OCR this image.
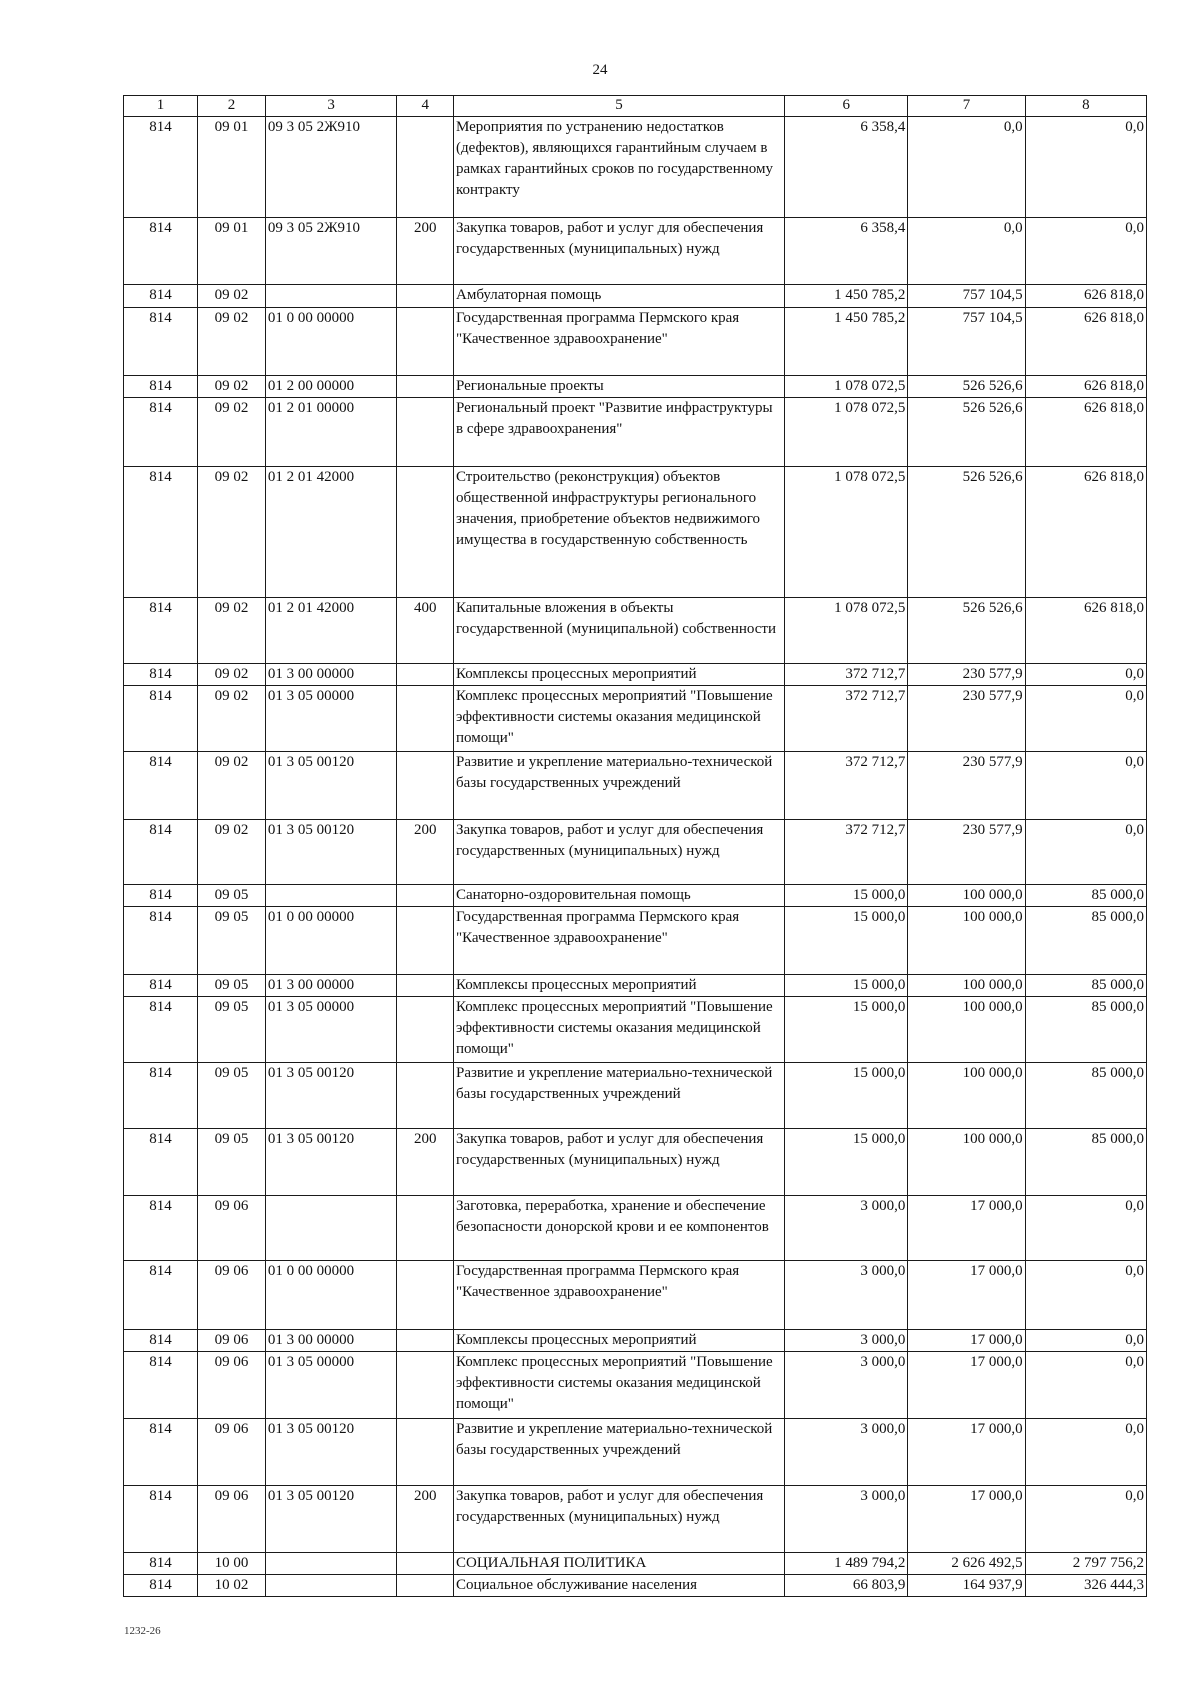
24
1	2	3	4	5	6	7	8
814	09 01	09 3 05 2Ж910		Мероприятия по устранению недостатков (дефектов), являющихся гарантийным случаем в рамках гарантийных сроков по государственному контракту	6 358,4	0,0	0,0
814	09 01	09 3 05 2Ж910	200	Закупка товаров, работ и услуг для обеспечения государственных (муниципальных) нужд	6 358,4	0,0	0,0
814	09 02			Амбулаторная помощь	1 450 785,2	757 104,5	626 818,0
814	09 02	01 0 00 00000		Государственная программа Пермского края "Качественное здравоохранение"	1 450 785,2	757 104,5	626 818,0
814	09 02	01 2 00 00000		Региональные проекты	1 078 072,5	526 526,6	626 818,0
814	09 02	01 2 01 00000		Региональный проект "Развитие инфраструктуры в сфере здравоохранения"	1 078 072,5	526 526,6	626 818,0
814	09 02	01 2 01 42000		Строительство (реконструкция) объектов общественной инфраструктуры регионального значения, приобретение объектов недвижимого имущества в государственную собственность	1 078 072,5	526 526,6	626 818,0
814	09 02	01 2 01 42000	400	Капитальные вложения в объекты государственной (муниципальной) собственности	1 078 072,5	526 526,6	626 818,0
814	09 02	01 3 00 00000		Комплексы процессных мероприятий	372 712,7	230 577,9	0,0
814	09 02	01 3 05 00000		Комплекс процессных мероприятий "Повышение эффективности системы оказания медицинской помощи"	372 712,7	230 577,9	0,0
814	09 02	01 3 05 00120		Развитие и укрепление материально-технической базы государственных учреждений	372 712,7	230 577,9	0,0
814	09 02	01 3 05 00120	200	Закупка товаров, работ и услуг для обеспечения государственных (муниципальных) нужд	372 712,7	230 577,9	0,0
814	09 05			Санаторно-оздоровительная помощь	15 000,0	100 000,0	85 000,0
814	09 05	01 0 00 00000		Государственная программа Пермского края "Качественное здравоохранение"	15 000,0	100 000,0	85 000,0
814	09 05	01 3 00 00000		Комплексы процессных мероприятий	15 000,0	100 000,0	85 000,0
814	09 05	01 3 05 00000		Комплекс процессных мероприятий "Повышение эффективности системы оказания медицинской помощи"	15 000,0	100 000,0	85 000,0
814	09 05	01 3 05 00120		Развитие и укрепление материально-технической базы государственных учреждений	15 000,0	100 000,0	85 000,0
814	09 05	01 3 05 00120	200	Закупка товаров, работ и услуг для обеспечения государственных (муниципальных) нужд	15 000,0	100 000,0	85 000,0
814	09 06			Заготовка, переработка, хранение и обеспечение безопасности донорской крови и ее компонентов	3 000,0	17 000,0	0,0
814	09 06	01 0 00 00000		Государственная программа Пермского края "Качественное здравоохранение"	3 000,0	17 000,0	0,0
814	09 06	01 3 00 00000		Комплексы процессных мероприятий	3 000,0	17 000,0	0,0
814	09 06	01 3 05 00000		Комплекс процессных мероприятий "Повышение эффективности системы оказания медицинской помощи"	3 000,0	17 000,0	0,0
814	09 06	01 3 05 00120		Развитие и укрепление материально-технической базы государственных учреждений	3 000,0	17 000,0	0,0
814	09 06	01 3 05 00120	200	Закупка товаров, работ и услуг для обеспечения государственных (муниципальных) нужд	3 000,0	17 000,0	0,0
814	10 00			СОЦИАЛЬНАЯ ПОЛИТИКА	1 489 794,2	2 626 492,5	2 797 756,2
814	10 02			Социальное обслуживание населения	66 803,9	164 937,9	326 444,3
1232-26
